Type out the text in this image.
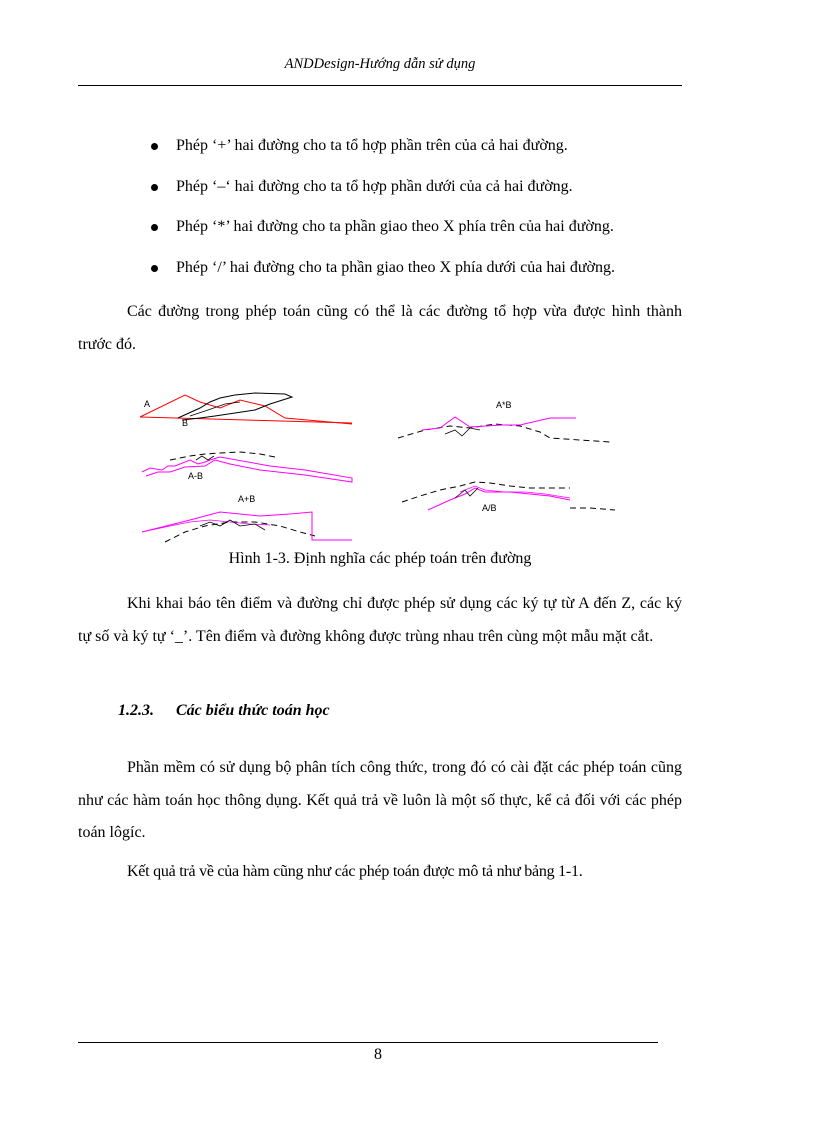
ANDDesign-Hướng dẫn sử dụng
Phép ‘+’ hai đường cho ta tổ hợp phần trên của cả hai đường.
Phép ‘–‘ hai đường cho ta tổ hợp phần dưới của cả hai đường.
Phép ‘*’ hai đường cho ta phần giao theo X phía trên của hai đường.
Phép ‘/’ hai đường cho ta phần giao theo X phía dưới của hai đường.

Các đường trong phép toán cũng có thể là các đường tổ hợp vừa được hình thành trước đó.

A
B
A*B
A-B
A+B
A/B
Hình 1-3. Định nghĩa các phép toán trên đường

Khi khai báo tên điểm và đường chỉ được phép sử dụng các ký tự từ A đến Z, các ký tự số và ký tự ‘_’. Tên điểm và đường không được trùng nhau trên cùng một mẫu mặt cắt.

1.2.3. Các biểu thức toán học

Phần mềm có sử dụng bộ phân tích công thức, trong đó có cài đặt các phép toán cũng như các hàm toán học thông dụng. Kết quả trả về luôn là một số thực, kể cả đối với các phép toán lôgíc.

Kết quả trả về của hàm cũng như các phép toán được mô tả như bảng 1-1.

8
